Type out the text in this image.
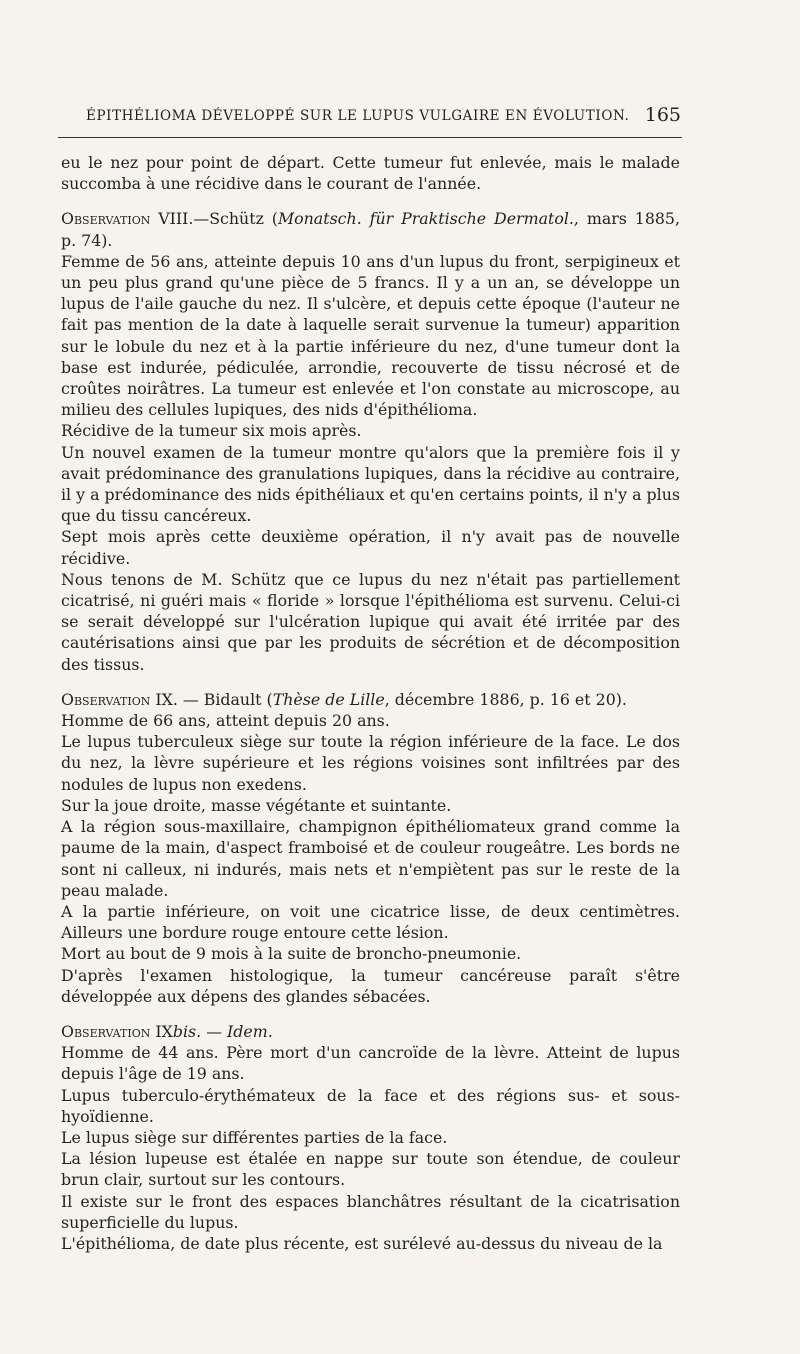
ÉPITHÉLIOMA DÉVELOPPÉ SUR LE LUPUS VULGAIRE EN ÉVOLUTION. 165

eu le nez pour point de départ. Cette tumeur fut enlevée, mais le malade succomba à une récidive dans le courant de l'année.

Observation VIII.—Schütz (Monatsch. für Praktische Dermatol., mars 1885, p. 74).

Femme de 56 ans, atteinte depuis 10 ans d'un lupus du front, serpigineux et un peu plus grand qu'une pièce de 5 francs. Il y a un an, se développe un lupus de l'aile gauche du nez. Il s'ulcère, et depuis cette époque (l'auteur ne fait pas mention de la date à laquelle serait survenue la tumeur) apparition sur le lobule du nez et à la partie inférieure du nez, d'une tumeur dont la base est indurée, pédiculée, arrondie, recouverte de tissu nécrosé et de croûtes noirâtres. La tumeur est enlevée et l'on constate au microscope, au milieu des cellules lupiques, des nids d'épithélioma.

Récidive de la tumeur six mois après.

Un nouvel examen de la tumeur montre qu'alors que la première fois il y avait prédominance des granulations lupiques, dans la récidive au contraire, il y a prédominance des nids épithéliaux et qu'en certains points, il n'y a plus que du tissu cancéreux.

Sept mois après cette deuxième opération, il n'y avait pas de nouvelle récidive.

Nous tenons de M. Schütz que ce lupus du nez n'était pas partiellement cicatrisé, ni guéri mais « floride » lorsque l'épithélioma est survenu. Celui-ci se serait développé sur l'ulcération lupique qui avait été irritée par des cautérisations ainsi que par les produits de sécrétion et de décomposition des tissus.

Observation IX. — Bidault (Thèse de Lille, décembre 1886, p. 16 et 20).

Homme de 66 ans, atteint depuis 20 ans.

Le lupus tuberculeux siège sur toute la région inférieure de la face. Le dos du nez, la lèvre supérieure et les régions voisines sont infiltrées par des nodules de lupus non exedens.

Sur la joue droite, masse végétante et suintante.

A la région sous-maxillaire, champignon épithéliomateux grand comme la paume de la main, d'aspect framboisé et de couleur rougeâtre. Les bords ne sont ni calleux, ni indurés, mais nets et n'empiètent pas sur le reste de la peau malade.

A la partie inférieure, on voit une cicatrice lisse, de deux centimètres. Ailleurs une bordure rouge entoure cette lésion.

Mort au bout de 9 mois à la suite de broncho-pneumonie.

D'après l'examen histologique, la tumeur cancéreuse paraît s'être développée aux dépens des glandes sébacées.

Observation IXbis. — Idem.

Homme de 44 ans. Père mort d'un cancroïde de la lèvre. Atteint de lupus depuis l'âge de 19 ans.

Lupus tuberculo-érythémateux de la face et des régions sus- et sous-hyoïdienne.

Le lupus siège sur différentes parties de la face.

La lésion lupeuse est étalée en nappe sur toute son étendue, de couleur brun clair, surtout sur les contours.

Il existe sur le front des espaces blanchâtres résultant de la cicatrisation superficielle du lupus.

L'épithélioma, de date plus récente, est surélevé au-dessus du niveau de la
